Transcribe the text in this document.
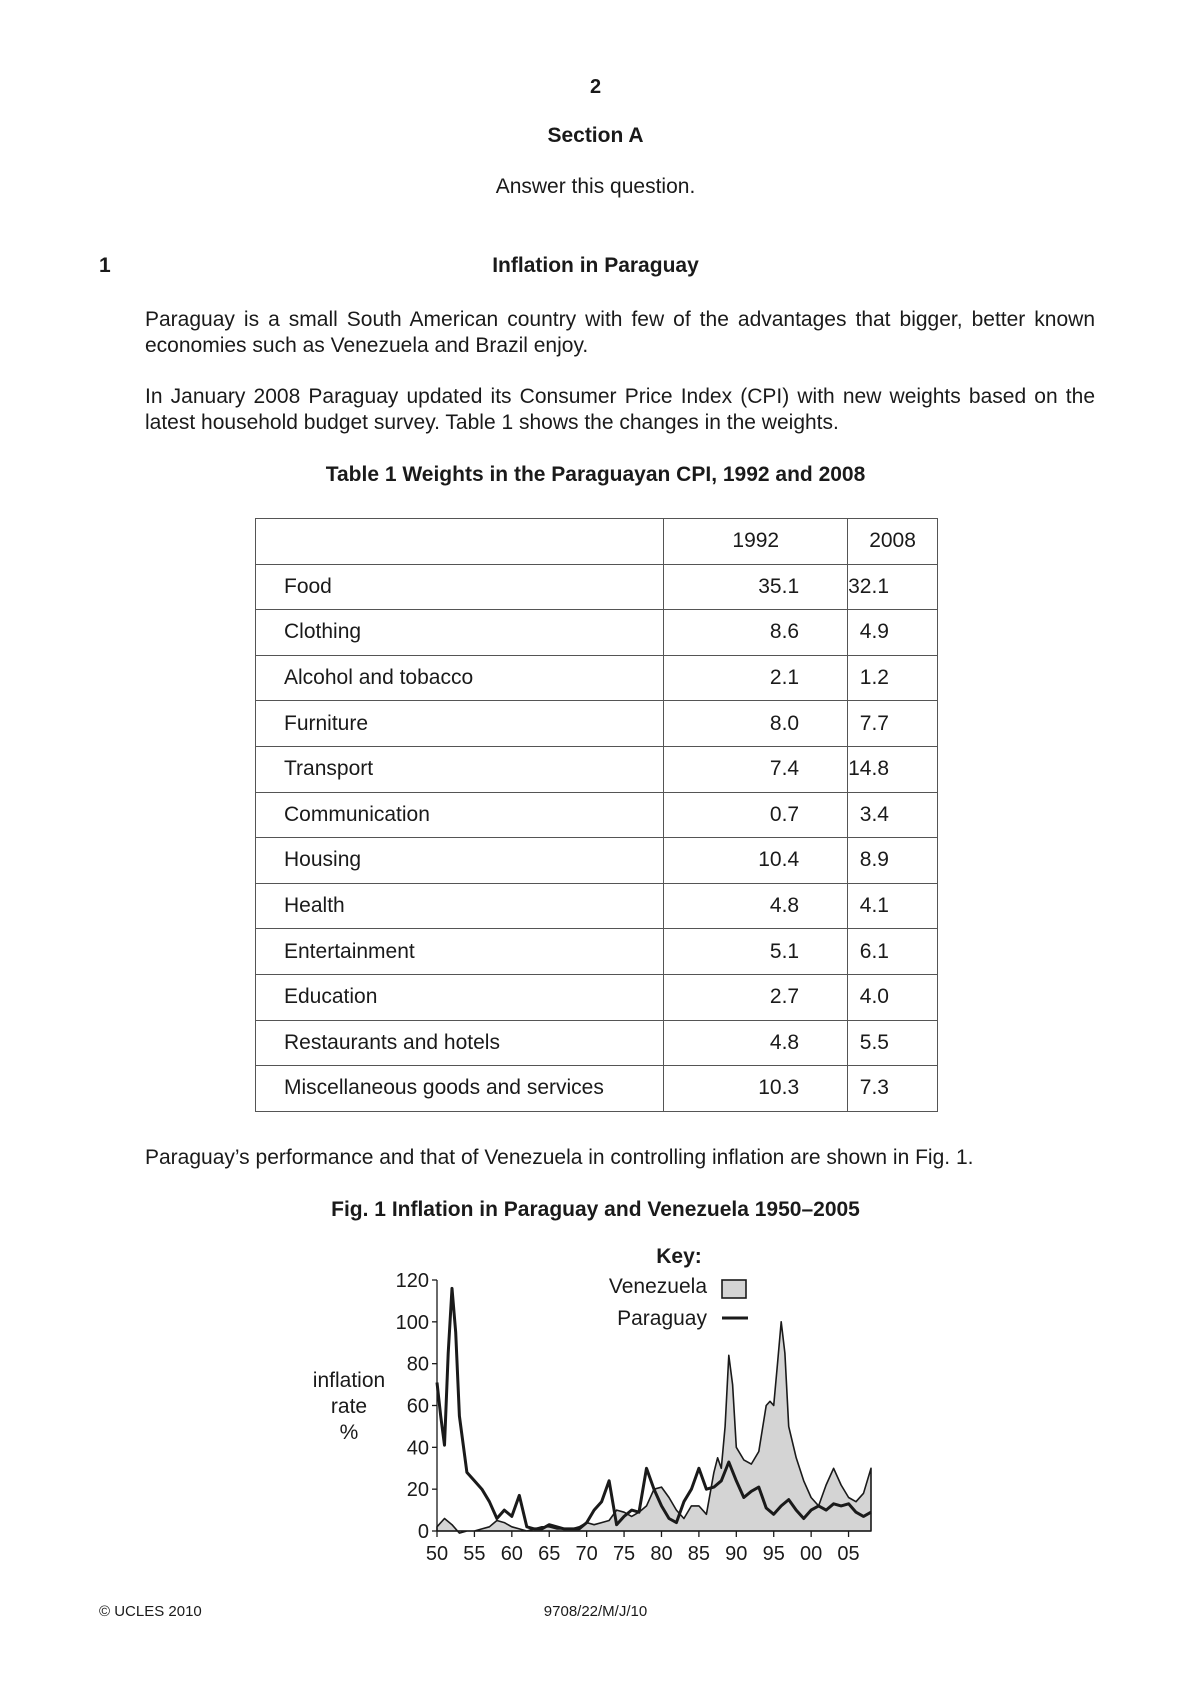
2
Section A
Answer this question.
1	Inflation in Paraguay
Paraguay is a small South American country with few of the advantages that bigger, better known economies such as Venezuela and Brazil enjoy.
In January 2008 Paraguay updated its Consumer Price Index (CPI) with new weights based on the latest household budget survey. Table 1 shows the changes in the weights.
Table 1 Weights in the Paraguayan CPI, 1992 and 2008
	1992	2008
Food	35.1	32.1
Clothing	8.6	4.9
Alcohol and tobacco	2.1	1.2
Furniture	8.0	7.7
Transport	7.4	14.8
Communication	0.7	3.4
Housing	10.4	8.9
Health	4.8	4.1
Entertainment	5.1	6.1
Education	2.7	4.0
Restaurants and hotels	4.8	5.5
Miscellaneous goods and services	10.3	7.3
Paraguay’s performance and that of Venezuela in controlling inflation are shown in Fig. 1.
Fig. 1 Inflation in Paraguay and Venezuela 1950–2005
0
20
40
60
80
100
120
50 55 60 65 70 75 80 85 90 95 00 05
Key:
Venezuela
Paraguay
inflation
rate
%
© UCLES 2010	9708/22/M/J/10
